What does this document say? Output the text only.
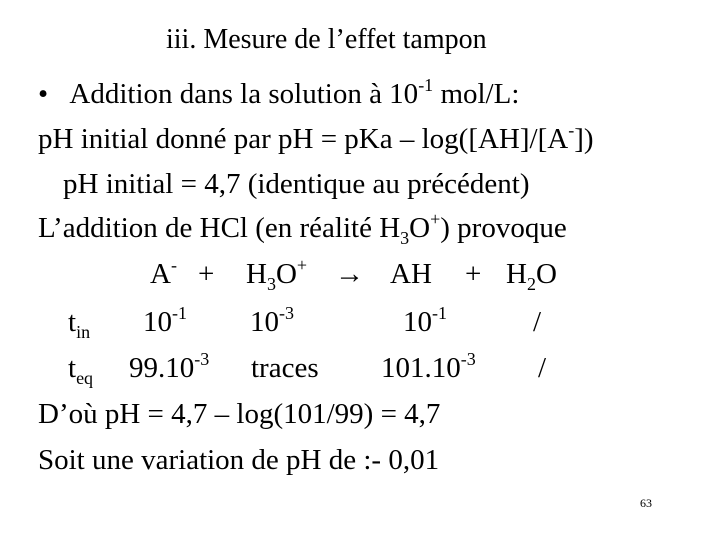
iii. Mesure de l’effet tampon
• Addition dans la solution à $10^{-1}$ mol/L:
pH initial donné par pH = pKa – log([AH]/[A-])
pH initial = 4,7 (identique au précédent)
L’addition de HCl (en réalité $H_3O^+$) provoque
$A^- + H_3O^+$ → AH + $H_2O$
$t_{in}$ $10^{-1}$ $10^{-3}$	$10^{-1}$	/
$t_{eq}$ $99.10^{-3}$ traces $101.10^{-3}$ /
D’où pH = 4,7 – log(101/99) = 4,7
Soit une variation de pH de :- 0,01
63
